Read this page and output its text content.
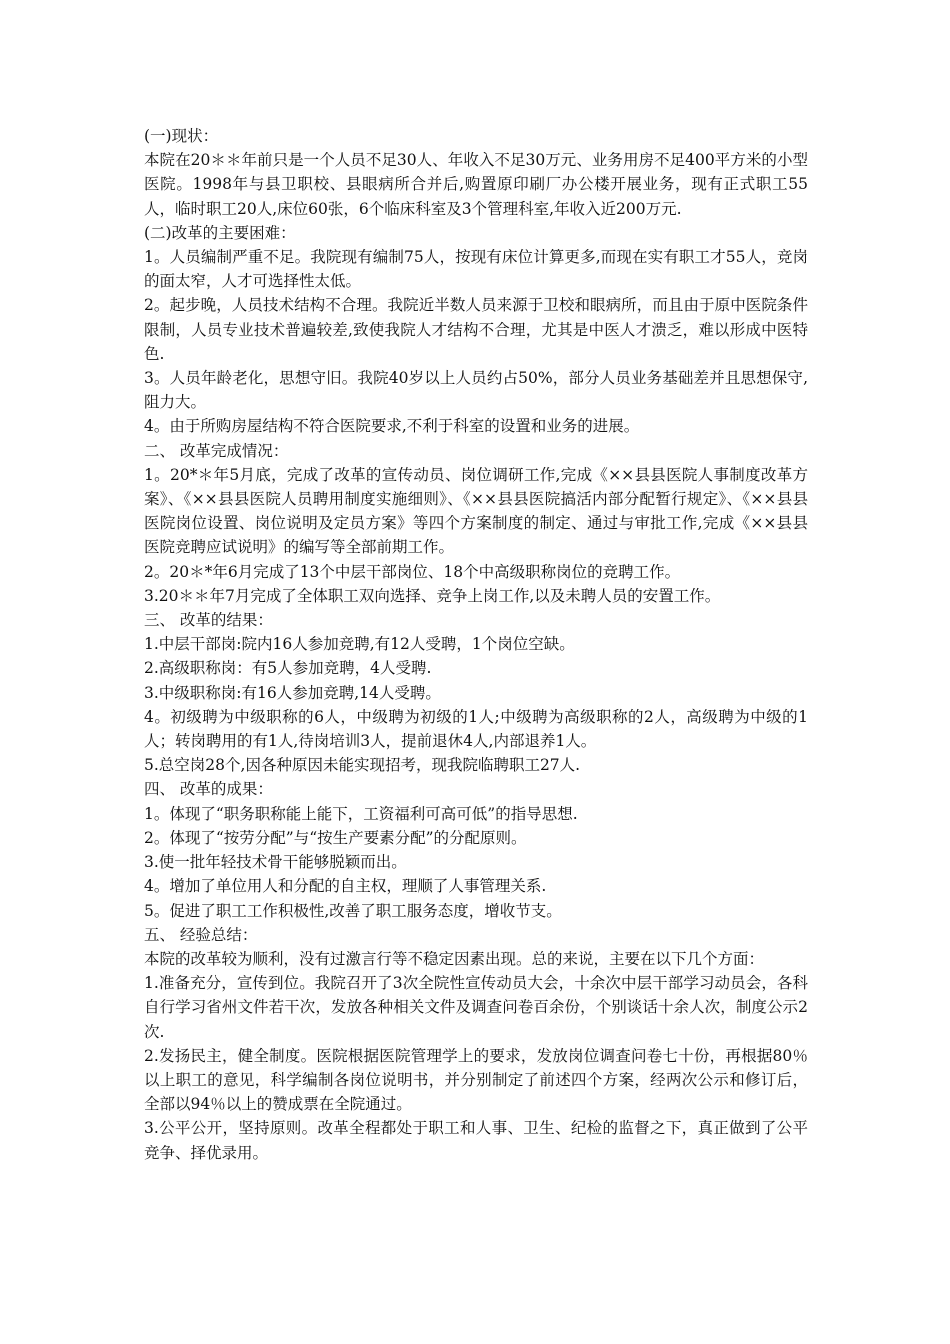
(一)现状：

本院在20＊＊年前只是一个人员不足30人、年收入不足30万元、业务用房不足400平方米的小型医院。1998年与县卫职校、县眼病所合并后,购置原印刷厂办公楼开展业务，现有正式职工55人，临时职工20人,床位60张，6个临床科室及3个管理科室,年收入近200万元.

(二)改革的主要困难：

1。人员编制严重不足。我院现有编制75人，按现有床位计算更多,而现在实有职工才55人，竞岗的面太窄，人才可选择性太低。

2。起步晚，人员技术结构不合理。我院近半数人员来源于卫校和眼病所，而且由于原中医院条件限制，人员专业技术普遍较差,致使我院人才结构不合理，尤其是中医人才溃乏，难以形成中医特色.

3。人员年龄老化，思想守旧。我院40岁以上人员约占50%，部分人员业务基础差并且思想保守,阻力大。

4。由于所购房屋结构不符合医院要求,不利于科室的设置和业务的进展。

二、 改革完成情况：

1。20*＊年5月底，完成了改革的宣传动员、岗位调研工作,完成《××县县医院人事制度改革方案》、《××县县医院人员聘用制度实施细则》、《××县县医院搞活内部分配暂行规定》、《××县县医院岗位设置、岗位说明及定员方案》等四个方案制度的制定、通过与审批工作,完成《××县县医院竞聘应试说明》的编写等全部前期工作。

2。20＊*年6月完成了13个中层干部岗位、18个中高级职称岗位的竞聘工作。

3.20＊＊年7月完成了全体职工双向选择、竞争上岗工作,以及未聘人员的安置工作。

三、 改革的结果：

1.中层干部岗:院内16人参加竞聘,有12人受聘，1个岗位空缺。

2.高级职称岗：有5人参加竞聘，4人受聘.

3.中级职称岗:有16人参加竞聘,14人受聘。

4。初级聘为中级职称的6人，中级聘为初级的1人;中级聘为高级职称的2人，高级聘为中级的1人；转岗聘用的有1人,待岗培训3人，提前退休4人,内部退养1人。

5.总空岗28个,因各种原因未能实现招考，现我院临聘职工27人.

四、 改革的成果：

1。体现了“职务职称能上能下，工资福利可高可低”的指导思想.

2。体现了“按劳分配”与“按生产要素分配”的分配原则。

3.使一批年轻技术骨干能够脱颖而出。

4。增加了单位用人和分配的自主权，理顺了人事管理关系.

5。促进了职工工作积极性,改善了职工服务态度，增收节支。

五、 经验总结：

本院的改革较为顺利，没有过激言行等不稳定因素出现。总的来说，主要在以下几个方面：

1.准备充分，宣传到位。我院召开了3次全院性宣传动员大会，十余次中层干部学习动员会，各科自行学习省州文件若干次，发放各种相关文件及调查问卷百余份，个别谈话十余人次，制度公示2次.

2.发扬民主，健全制度。医院根据医院管理学上的要求，发放岗位调查问卷七十份，再根据80％以上职工的意见，科学编制各岗位说明书，并分别制定了前述四个方案，经两次公示和修订后，全部以94％以上的赞成票在全院通过。

3.公平公开，坚持原则。改革全程都处于职工和人事、卫生、纪检的监督之下，真正做到了公平竞争、择优录用。
